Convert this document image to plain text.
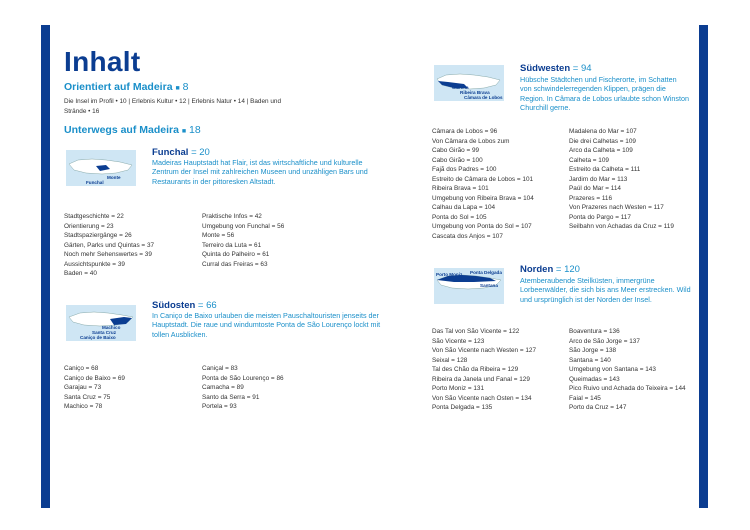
Inhalt
Orientiert auf Madeira ■ 8
Die Insel im Profil • 10 | Erlebnis Kultur • 12 | Erlebnis Natur • 14 | Baden und Strände • 16
Unterwegs auf Madeira ■ 18
Monte
Funchal
Funchal = 20
Madeiras Hauptstadt hat Flair, ist das wirtschaftliche und kulturelle Zentrum der Insel mit zahlreichen Museen und unzähligen Bars und Restaurants in der pittoresken Altstadt.
Stadtgeschichte = 22
Orientierung = 23
Stadtspaziergänge = 26
Gärten, Parks und Quintas = 37
Noch mehr Sehenswertes = 39
Aussichtspunkte = 39
Baden = 40
Praktische Infos = 42
Umgebung von Funchal = 56
Monte = 56
Terreiro da Luta = 61
Quinta do Palheiro = 61
Curral das Freiras = 63
Machico
Santa Cruz
Caniço de Baixo
Südosten = 66
In Caniço de Baixo urlauben die meisten Pauschaltouristen jenseits der Hauptstadt. Die raue und windumtoste Ponta de São Lourenço lockt mit tollen Ausblicken.
Caniço = 68
Caniço de Baixo = 69
Garajau = 73
Santa Cruz = 75
Machico = 78
Caniçal = 83
Ponta de São Lourenço = 86
Camacha = 89
Santo da Serra = 91
Portela = 93
Calheta
Ribeira Brava
Câmara de Lobos
Südwesten = 94
Hübsche Städtchen und Fischerorte, im Schatten von schwindelerregenden Klippen, prägen die Region. In Câmara de Lobos urlaubte schon Winston Churchill gerne.
Câmara de Lobos = 96
Von Câmara de Lobos zum
Cabo Girão = 99
Cabo Girão = 100
Fajã dos Padres = 100
Estreito de Câmara de Lobos = 101
Ribeira Brava = 101
Umgebung von Ribeira Brava = 104
Calhau da Lapa = 104
Ponta do Sol = 105
Umgebung von Ponta do Sol = 107
Cascata dos Anjos = 107
Madalena do Mar = 107
Die drei Calhetas = 109
Arco da Calheta = 109
Calheta = 109
Estreito da Calheta = 111
Jardim do Mar = 113
Paúl do Mar = 114
Prazeres = 116
Von Prazeres nach Westen = 117
Ponta do Pargo = 117
Seilbahn von Achadas da Cruz = 119
Ponta Delgada
Porto Moniz
Santana
Norden = 120
Atemberaubende Steilküsten, immergrüne Lorbeerwälder, die sich bis ans Meer erstrecken. Wild und ursprünglich ist der Norden der Insel.
Das Tal von São Vicente = 122
São Vicente = 123
Von São Vicente nach Westen = 127
Seixal = 128
Tal des Chão da Ribeira = 129
Ribeira da Janela und Fanal = 129
Porto Moniz = 131
Von São Vicente nach Osten = 134
Ponta Delgada = 135
Boaventura = 136
Arco de São Jorge = 137
São Jorge = 138
Santana = 140
Umgebung von Santana = 143
Queimadas = 143
Pico Ruivo und Achada do Teixeira = 144
Faial = 145
Porto da Cruz = 147
